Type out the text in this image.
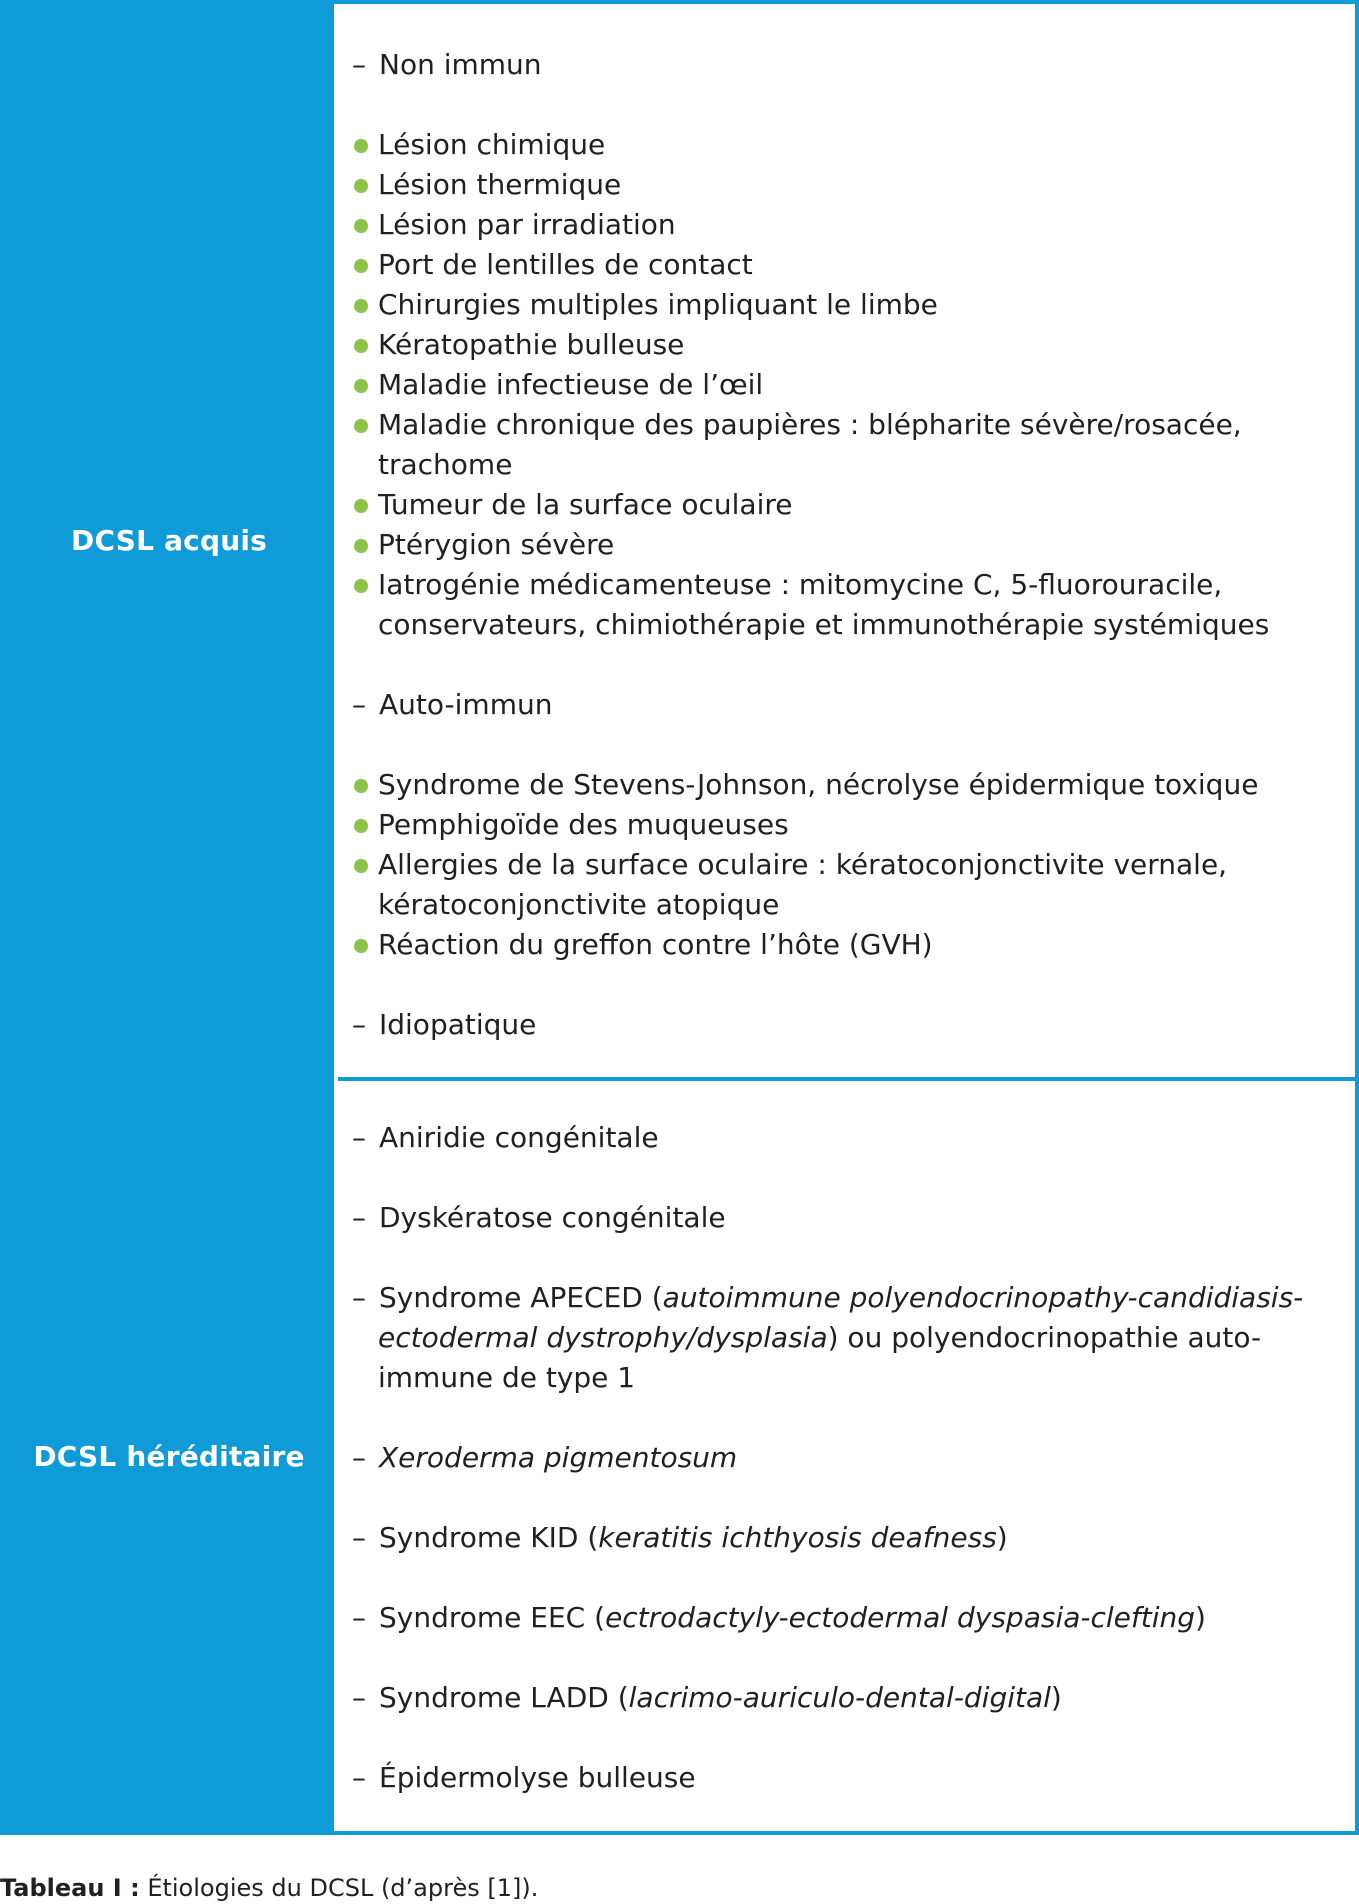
DCSL acquis
– Non immun
Lésion chimique
Lésion thermique
Lésion par irradiation
Port de lentilles de contact
Chirurgies multiples impliquant le limbe
Kératopathie bulleuse
Maladie infectieuse de l’œil
Maladie chronique des paupières : blépharite sévère/rosacée,
trachome
Tumeur de la surface oculaire
Ptérygion sévère
Iatrogénie médicamenteuse : mitomycine C, 5-fluorouracile,
conservateurs, chimiothérapie et immunothérapie systémiques
– Auto-immun
Syndrome de Stevens-Johnson, nécrolyse épidermique toxique
Pemphigoïde des muqueuses
Allergies de la surface oculaire : kératoconjonctivite vernale,
kératoconjonctivite atopique
Réaction du greffon contre l’hôte (GVH)
– Idiopatique
DCSL héréditaire
– Aniridie congénitale
– Dyskératose congénitale
– Syndrome APECED (autoimmune polyendocrinopathy-candidiasis-
ectodermal dystrophy/dysplasia) ou polyendocrinopathie auto-
immune de type 1
– Xeroderma pigmentosum
– Syndrome KID (keratitis ichthyosis deafness)
– Syndrome EEC (ectrodactyly-ectodermal dyspasia-clefting)
– Syndrome LADD (lacrimo-auriculo-dental-digital)
– Épidermolyse bulleuse
Tableau I : Étiologies du DCSL (d’après [1]).
